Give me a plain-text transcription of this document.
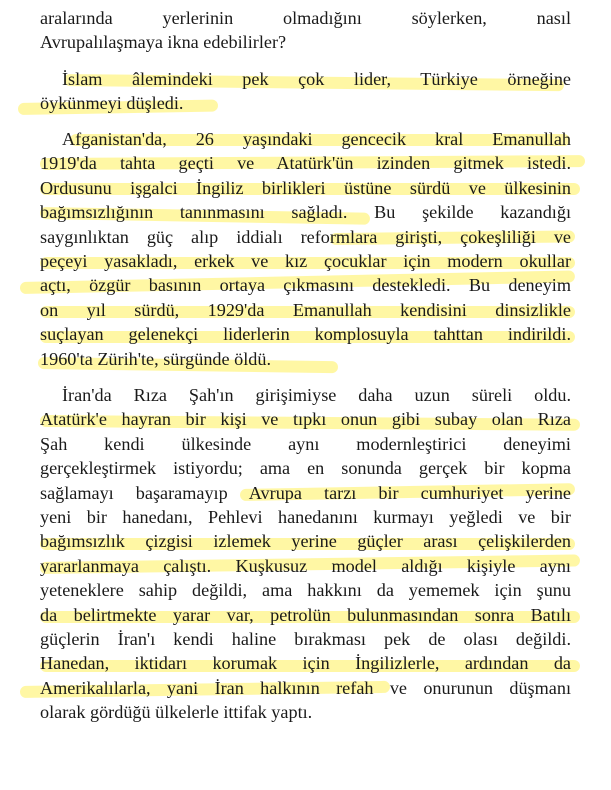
aralarında yerlerinin olmadığını söylerken, nasıl
Avrupalılaşmaya ikna edebilirler?
İslam âlemindeki pek çok lider, Türkiye örneğine
öykünmeyi düşledi.
Afganistan'da, 26 yaşındaki gencecik kral Emanullah
1919'da tahta geçti ve Atatürk'ün izinden gitmek istedi.
Ordusunu işgalci İngiliz birlikleri üstüne sürdü ve ülkesinin
bağımsızlığının tanınmasını sağladı. Bu şekilde kazandığı
saygınlıktan güç alıp iddialı reformlara girişti, çokeşliliği ve
peçeyi yasakladı, erkek ve kız çocuklar için modern okullar
açtı, özgür basının ortaya çıkmasını destekledi. Bu deneyim
on yıl sürdü, 1929'da Emanullah kendisini dinsizlikle
suçlayan gelenekçi liderlerin komplosuyla tahttan indirildi.
1960'ta Zürih'te, sürgünde öldü.
İran'da Rıza Şah'ın girişimiyse daha uzun süreli oldu.
Atatürk'e hayran bir kişi ve tıpkı onun gibi subay olan Rıza
Şah kendi ülkesinde aynı modernleştirici deneyimi
gerçekleştirmek istiyordu; ama en sonunda gerçek bir kopma
sağlamayı başaramayıp Avrupa tarzı bir cumhuriyet yerine
yeni bir hanedanı, Pehlevi hanedanını kurmayı yeğledi ve bir
bağımsızlık çizgisi izlemek yerine güçler arası çelişkilerden
yararlanmaya çalıştı. Kuşkusuz model aldığı kişiyle aynı
yeteneklere sahip değildi, ama hakkını da yememek için şunu
da belirtmekte yarar var, petrolün bulunmasından sonra Batılı
güçlerin İran'ı kendi haline bırakması pek de olası değildi.
Hanedan, iktidarı korumak için İngilizlerle, ardından da
Amerikalılarla, yani İran halkının refah ve onurunun düşmanı
olarak gördüğü ülkelerle ittifak yaptı.
